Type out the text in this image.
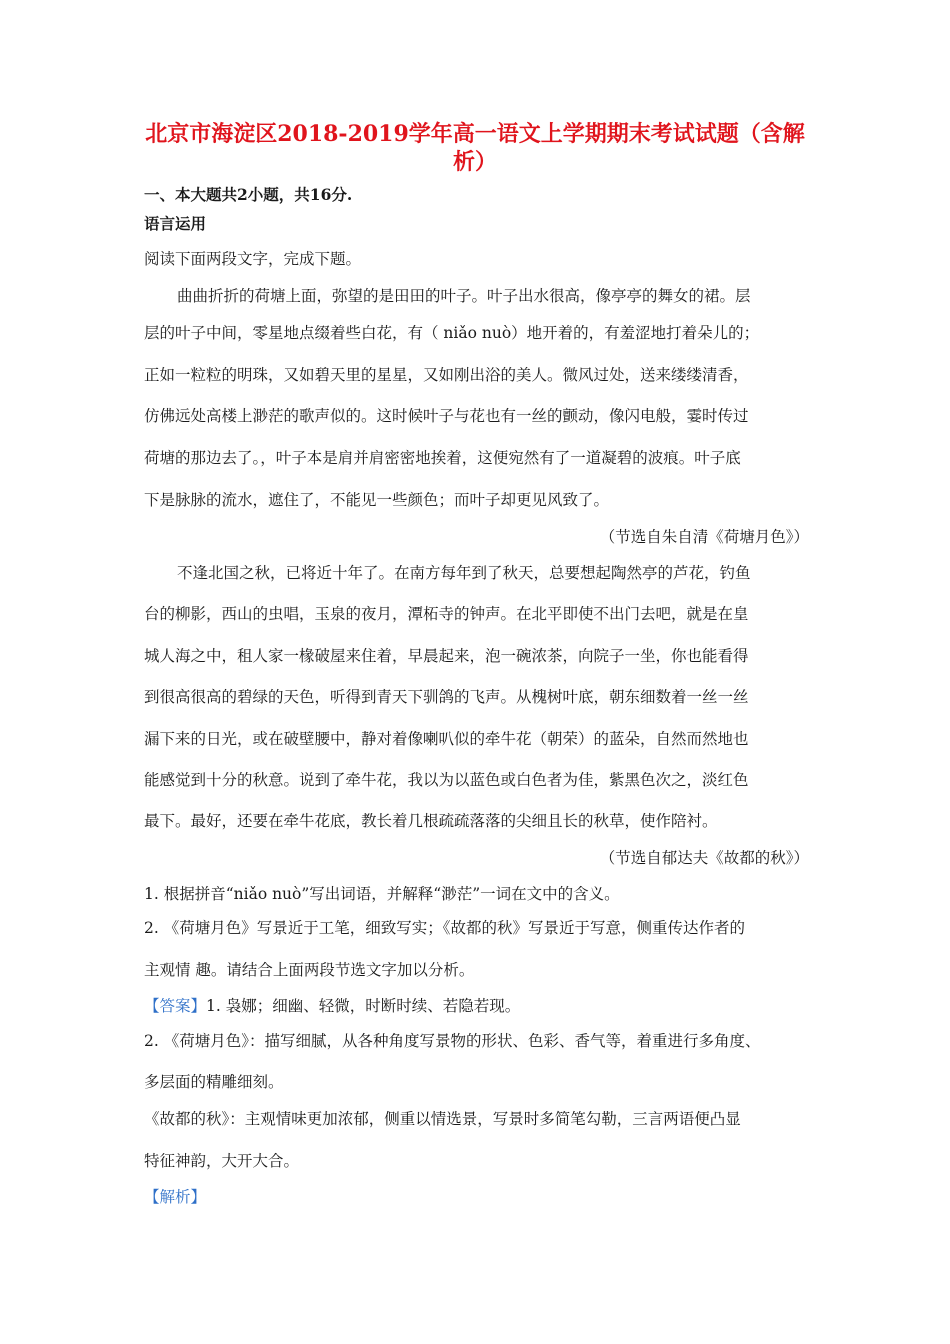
北京市海淀区2018-2019学年高一语文上学期期末考试试题（含解析）
一、本大题共2小题，共16分.
语言运用
阅读下面两段文字，完成下题。
曲曲折折的荷塘上面，弥望的是田田的叶子。叶子出水很高，像亭亭的舞女的裙。层
层的叶子中间，零星地点缀着些白花，有（ niǎo nuò）地开着的，有羞涩地打着朵儿的；
正如一粒粒的明珠，又如碧天里的星星，又如刚出浴的美人。微风过处，送来缕缕清香，
仿佛远处高楼上渺茫的歌声似的。这时候叶子与花也有一丝的颤动，像闪电般，霎时传过
荷塘的那边去了。，叶子本是肩并肩密密地挨着，这便宛然有了一道凝碧的波痕。叶子底
下是脉脉的流水，遮住了，不能见一些颜色；而叶子却更见风致了。
（节选自朱自清《荷塘月色》）
不逢北国之秋，已将近十年了。在南方每年到了秋天，总要想起陶然亭的芦花，钓鱼
台的柳影，西山的虫唱，玉泉的夜月，潭柘寺的钟声。在北平即使不出门去吧，就是在皇
城人海之中，租人家一椽破屋来住着，早晨起来，泡一碗浓茶，向院子一坐，你也能看得
到很高很高的碧绿的天色，听得到青天下驯鸽的飞声。从槐树叶底，朝东细数着一丝一丝
漏下来的日光，或在破壁腰中，静对着像喇叭似的牵牛花（朝荣）的蓝朵，自然而然地也
能感觉到十分的秋意。说到了牵牛花，我以为以蓝色或白色者为佳，紫黑色次之，淡红色
最下。最好，还要在牵牛花底，教长着几根疏疏落落的尖细且长的秋草，使作陪衬。
（节选自郁达夫《故都的秋》）
1. 根据拼音“niǎo nuò”写出词语，并解释“渺茫”一词在文中的含义。
2. 《荷塘月色》写景近于工笔，细致写实；《故都的秋》写景近于写意，侧重传达作者的
主观情 趣。请结合上面两段节选文字加以分析。
【答案】1. 袅娜；细幽、轻微，时断时续、若隐若现。
2. 《荷塘月色》：描写细腻，从各种角度写景物的形状、色彩、香气等，着重进行多角度、
多层面的精雕细刻。
《故都的秋》：主观情味更加浓郁，侧重以情选景，写景时多简笔勾勒，三言两语便凸显
特征神韵，大开大合。
【解析】
